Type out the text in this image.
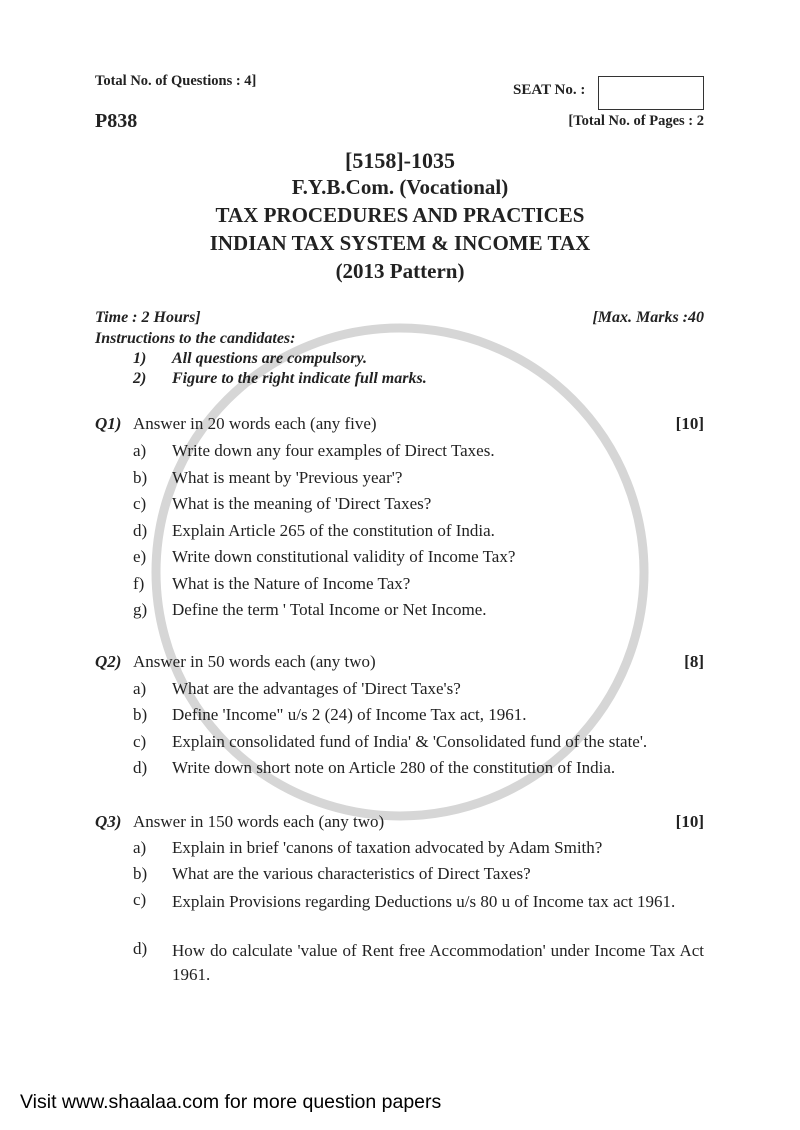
Total No. of Questions : 4]
SEAT No. :
P838	[Total No. of Pages : 2
[5158]-1035
F.Y.B.Com. (Vocational)
TAX PROCEDURES AND PRACTICES
INDIAN TAX SYSTEM & INCOME TAX
(2013 Pattern)
Time : 2 Hours]	[Max. Marks :40
Instructions to the candidates:
1) All questions are compulsory.
2) Figure to the right indicate full marks.
Q1) Answer in 20 words each (any five)	[10]
a) Write down any four examples of Direct Taxes.
b) What is meant by 'Previous year'?
c) What is the meaning of 'Direct Taxes?
d) Explain Article 265 of the constitution of India.
e) Write down constitutional validity of Income Tax?
f) What is the Nature of Income Tax?
g) Define the term ' Total Income or Net Income.
Q2) Answer in 50 words each (any two)	[8]
a) What are the advantages of 'Direct Taxe's?
b) Define 'Income" u/s 2 (24) of Income Tax act, 1961.
c) Explain consolidated fund of India' & 'Consolidated fund of the state'.
d) Write down short note on Article 280 of the constitution of India.
Q3) Answer in 150 words each (any two)	[10]
a) Explain in brief 'canons of taxation advocated by Adam Smith?
b) What are the various characteristics of Direct Taxes?
c) Explain Provisions regarding Deductions u/s 80 u of Income tax act 1961.
d) How do calculate 'value of Rent free Accommodation' under Income Tax Act 1961.
Visit www.shaalaa.com for more question papers
